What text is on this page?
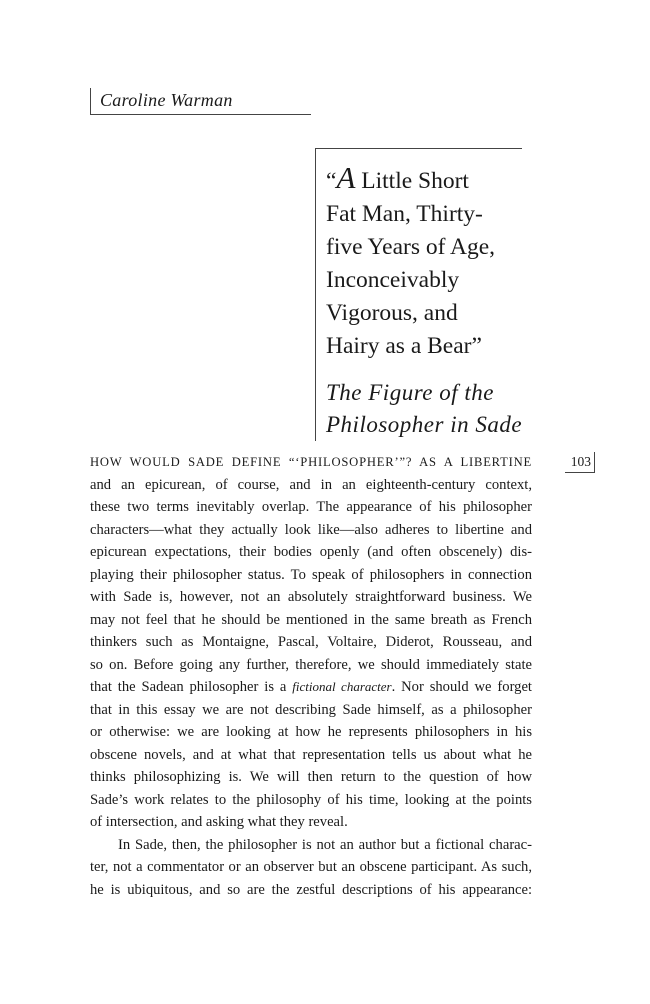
Caroline Warman
“A Little Short
Fat Man, Thirty-
five Years of Age,
Inconceivably
Vigorous, and
Hairy as a Bear”
The Figure of the
Philosopher in Sade
103
HOW WOULD SADE DEFINE “‘PHILOSOPHER’”? AS A LIBERTINE
and an epicurean, of course, and in an eighteenth-century context,
these two terms inevitably overlap. The appearance of his philosopher
characters—what they actually look like—also adheres to libertine and
epicurean expectations, their bodies openly (and often obscenely) dis-
playing their philosopher status. To speak of philosophers in connection
with Sade is, however, not an absolutely straightforward business. We
may not feel that he should be mentioned in the same breath as French
thinkers such as Montaigne, Pascal, Voltaire, Diderot, Rousseau, and
so on. Before going any further, therefore, we should immediately state
that the Sadean philosopher is a fictional character. Nor should we forget
that in this essay we are not describing Sade himself, as a philosopher
or otherwise: we are looking at how he represents philosophers in his
obscene novels, and at what that representation tells us about what he
thinks philosophizing is. We will then return to the question of how
Sade’s work relates to the philosophy of his time, looking at the points
of intersection, and asking what they reveal.
In Sade, then, the philosopher is not an author but a fictional charac-
ter, not a commentator or an observer but an obscene participant. As such,
he is ubiquitous, and so are the zestful descriptions of his appearance:
